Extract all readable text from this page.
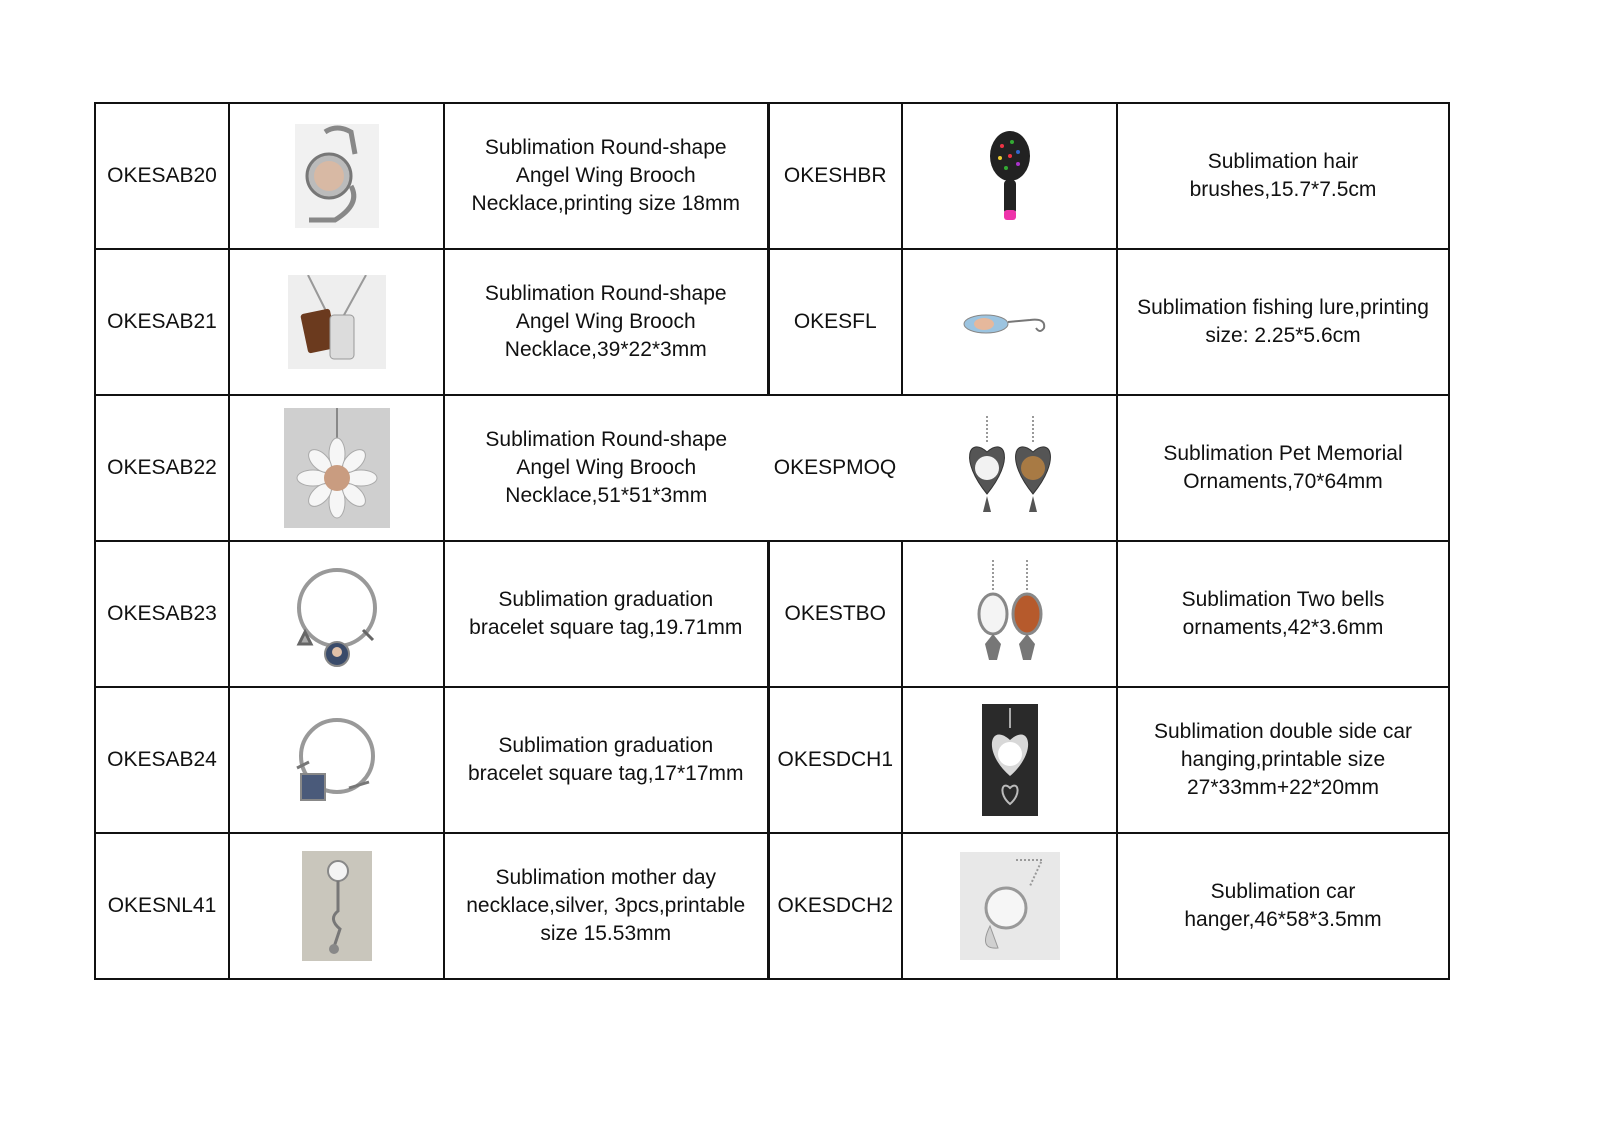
OKESAB20		Sublimation Round-shape
Angel Wing Brooch
Necklace,printing size 18mm	OKESHBR		Sublimation hair
brushes,15.7*7.5cm

OKESAB21		Sublimation Round-shape
Angel Wing Brooch
Necklace,39*22*3mm	OKESFL		Sublimation fishing lure,printing
size: 2.25*5.6cm

OKESAB22		Sublimation Round-shape
Angel Wing Brooch
Necklace,51*51*3mm	OKESPMOQ		Sublimation Pet Memorial
Ornaments,70*64mm

OKESAB23		Sublimation graduation
bracelet square tag,19.71mm	OKESTBO		Sublimation Two bells
ornaments,42*3.6mm

OKESAB24		Sublimation graduation
bracelet square tag,17*17mm	OKESDCH1		Sublimation double side car
hanging,printable size
27*33mm+22*20mm

OKESNL41		Sublimation mother day
necklace,silver, 3pcs,printable
size 15.53mm	OKESDCH2		Sublimation car
hanger,46*58*3.5mm
